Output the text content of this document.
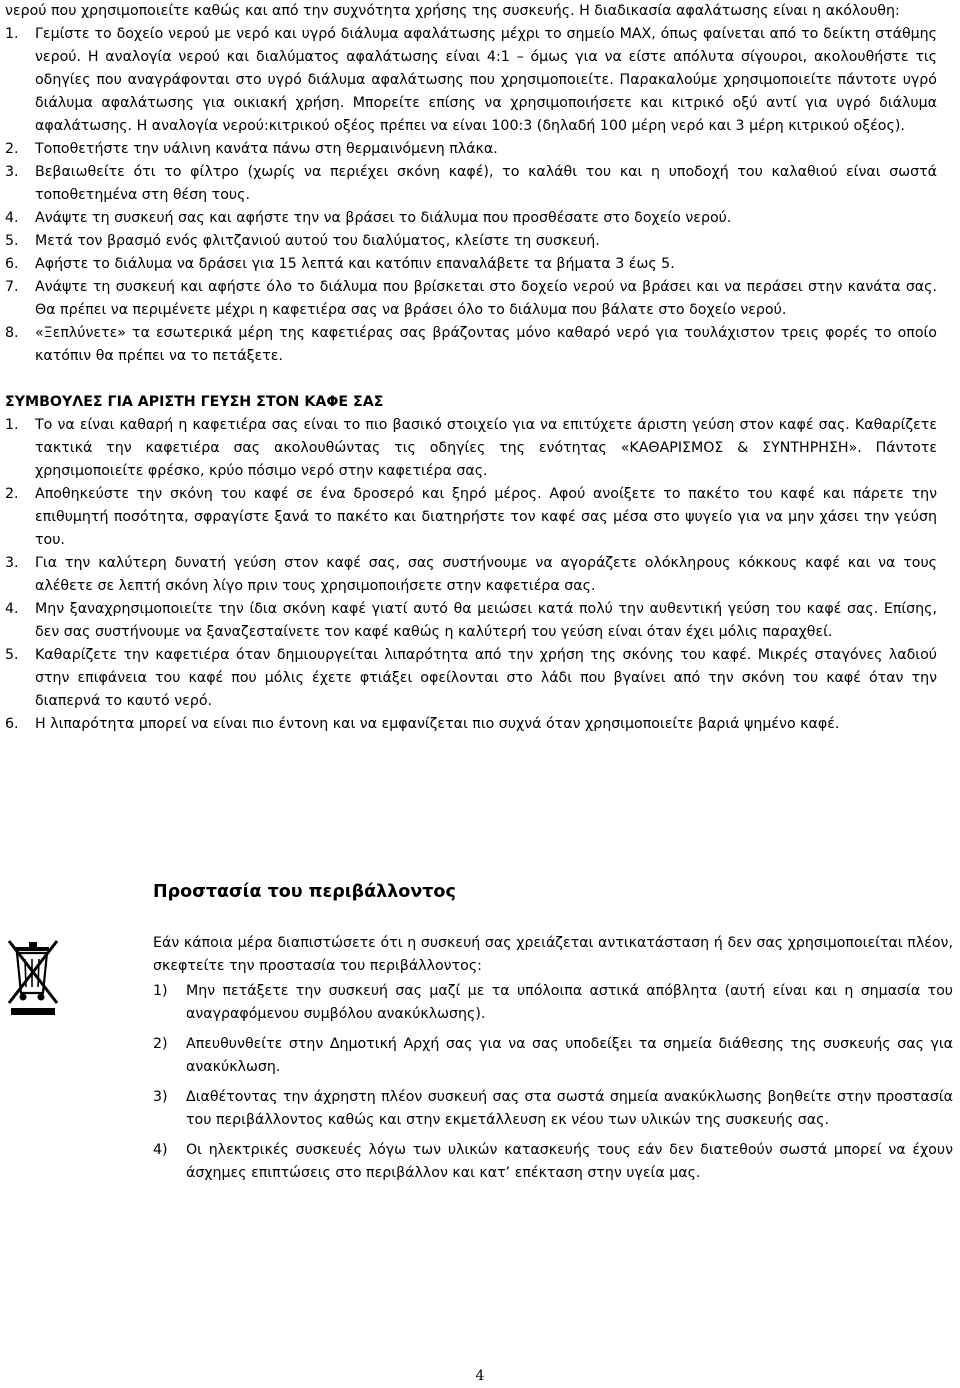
νερού που χρησιμοποιείτε καθώς και από την συχνότητα χρήσης της συσκευής. Η διαδικασία αφαλάτωσης είναι η ακόλουθη:

1.	Γεμίστε το δοχείο νερού με νερό και υγρό διάλυμα αφαλάτωσης μέχρι το σημείο MAX, όπως φαίνεται από το δείκτη στάθμης νερού. Η αναλογία νερού και διαλύματος αφαλάτωσης είναι 4:1 – όμως για να είστε απόλυτα σίγουροι, ακολουθήστε τις οδηγίες που αναγράφονται στο υγρό διάλυμα αφαλάτωσης που χρησιμοποιείτε. Παρακαλούμε χρησιμοποιείτε πάντοτε υγρό διάλυμα αφαλάτωσης για οικιακή χρήση. Μπορείτε επίσης να χρησιμοποιήσετε και κιτρικό οξύ αντί για υγρό διάλυμα αφαλάτωσης. Η αναλογία νερού:κιτρικού οξέος πρέπει να είναι 100:3 (δηλαδή 100 μέρη νερό και 3 μέρη κιτρικού οξέος).
2.	Τοποθετήστε την υάλινη κανάτα πάνω στη θερμαινόμενη πλάκα.
3.	Βεβαιωθείτε ότι το φίλτρο (χωρίς να περιέχει σκόνη καφέ), το καλάθι του και η υποδοχή του καλαθιού είναι σωστά τοποθετημένα στη θέση τους.
4.	Ανάψτε τη συσκευή σας και αφήστε την να βράσει το διάλυμα που προσθέσατε στο δοχείο νερού.
5.	Μετά τον βρασμό ενός φλιτζανιού αυτού του διαλύματος, κλείστε τη συσκευή.
6.	Αφήστε το διάλυμα να δράσει για 15 λεπτά και κατόπιν επαναλάβετε τα βήματα 3 έως 5.
7.	Ανάψτε τη συσκευή και αφήστε όλο το διάλυμα που βρίσκεται στο δοχείο νερού να βράσει και να περάσει στην κανάτα σας. Θα πρέπει να περιμένετε μέχρι η καφετιέρα σας να βράσει όλο το διάλυμα που βάλατε στο δοχείο νερού.
8.	«Ξεπλύνετε» τα εσωτερικά μέρη της καφετιέρας σας βράζοντας μόνο καθαρό νερό για τουλάχιστον τρεις φορές το οποίο κατόπιν θα πρέπει να το πετάξετε.
ΣΥΜΒΟΥΛΕΣ ΓΙΑ ΑΡΙΣΤΗ ΓΕΥΣΗ ΣΤΟΝ ΚΑΦΕ ΣΑΣ
1.	Το να είναι καθαρή η καφετιέρα σας είναι το πιο βασικό στοιχείο για να επιτύχετε άριστη γεύση στον καφέ σας. Καθαρίζετε τακτικά την καφετιέρα σας ακολουθώντας τις οδηγίες της ενότητας «ΚΑΘΑΡΙΣΜΟΣ & ΣΥΝΤΗΡΗΣΗ». Πάντοτε χρησιμοποιείτε φρέσκο, κρύο πόσιμο νερό στην καφετιέρα σας.
2.	Αποθηκεύστε την σκόνη του καφέ σε ένα δροσερό και ξηρό μέρος. Αφού ανοίξετε το πακέτο του καφέ και πάρετε την επιθυμητή ποσότητα, σφραγίστε ξανά το πακέτο και διατηρήστε τον καφέ σας μέσα στο ψυγείο για να μην χάσει την γεύση του.
3.	Για την καλύτερη δυνατή γεύση στον καφέ σας, σας συστήνουμε να αγοράζετε ολόκληρους κόκκους καφέ και να τους αλέθετε σε λεπτή σκόνη λίγο πριν τους χρησιμοποιήσετε στην καφετιέρα σας.
4.	Μην ξαναχρησιμοποιείτε την ίδια σκόνη καφέ γιατί αυτό θα μειώσει κατά πολύ την αυθεντική γεύση του καφέ σας. Επίσης, δεν σας συστήνουμε να ξαναζεσταίνετε τον καφέ καθώς η καλύτερή του γεύση είναι όταν έχει μόλις παραχθεί.
5.	Καθαρίζετε την καφετιέρα όταν δημιουργείται λιπαρότητα από την χρήση της σκόνης του καφέ. Μικρές σταγόνες λαδιού στην επιφάνεια του καφέ που μόλις έχετε φτιάξει οφείλονται στο λάδι που βγαίνει από την σκόνη του καφέ όταν την διαπερνά το καυτό νερό.
6.	Η λιπαρότητα μπορεί να είναι πιο έντονη και να εμφανίζεται πιο συχνά όταν χρησιμοποιείτε βαριά ψημένο καφέ.
Προστασία του περιβάλλοντος

Εάν κάποια μέρα διαπιστώσετε ότι η συσκευή σας χρειάζεται αντικατάσταση ή δεν σας χρησιμοποιείται πλέον, σκεφτείτε την προστασία του περιβάλλοντος:

1)	Μην πετάξετε την συσκευή σας μαζί με τα υπόλοιπα αστικά απόβλητα (αυτή είναι και η σημασία του αναγραφόμενου συμβόλου ανακύκλωσης).
2)	Απευθυνθείτε στην Δημοτική Αρχή σας για να σας υποδείξει τα σημεία διάθεσης της συσκευής σας για ανακύκλωση.
3)	Διαθέτοντας την άχρηστη πλέον συσκευή σας στα σωστά σημεία ανακύκλωσης βοηθείτε στην προστασία του περιβάλλοντος καθώς και στην εκμετάλλευση εκ νέου των υλικών της συσκευής σας.
4)	Οι ηλεκτρικές συσκευές λόγω των υλικών κατασκευής τους εάν δεν διατεθούν σωστά μπορεί να έχουν άσχημες επιπτώσεις στο περιβάλλον και κατ’ επέκταση στην υγεία μας.
4
